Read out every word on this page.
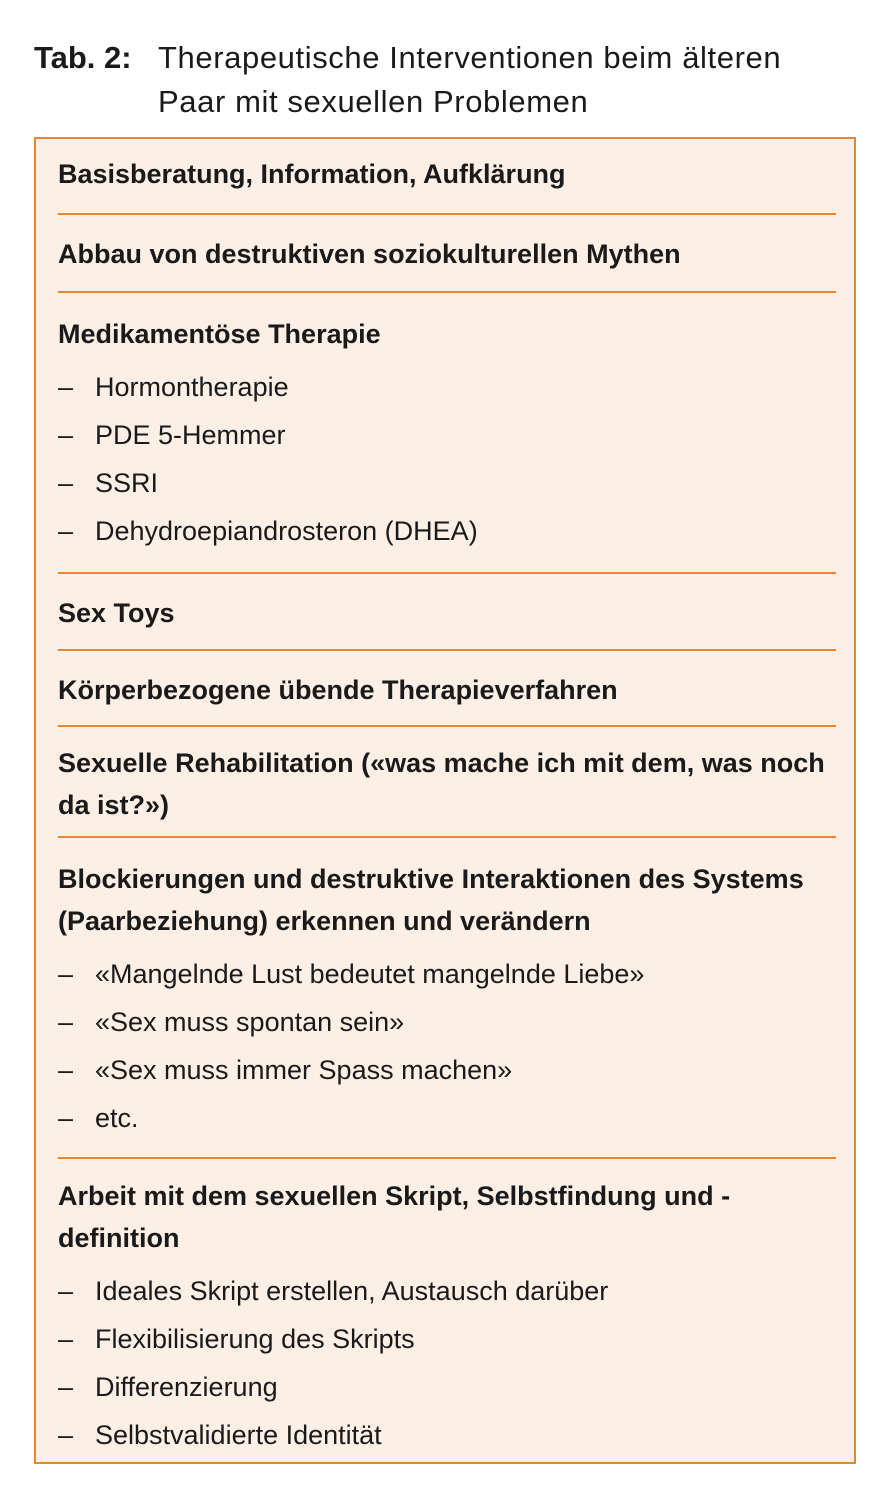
Tab. 2: Therapeutische Interventionen beim älteren Paar mit sexuellen Problemen
Basisberatung, Information, Aufklärung
Abbau von destruktiven soziokulturellen Mythen
Medikamentöse Therapie
– Hormontherapie
– PDE 5-Hemmer
– SSRI
– Dehydroepiandrosteron (DHEA)
Sex Toys
Körperbezogene übende Therapieverfahren
Sexuelle Rehabilitation («was mache ich mit dem, was noch da ist?»)
Blockierungen und destruktive Interaktionen des Systems (Paarbeziehung) erkennen und verändern
– «Mangelnde Lust bedeutet mangelnde Liebe»
– «Sex muss spontan sein»
– «Sex muss immer Spass machen»
– etc.
Arbeit mit dem sexuellen Skript, Selbstfindung und -definition
– Ideales Skript erstellen, Austausch darüber
– Flexibilisierung des Skripts
– Differenzierung
– Selbstvalidierte Identität
